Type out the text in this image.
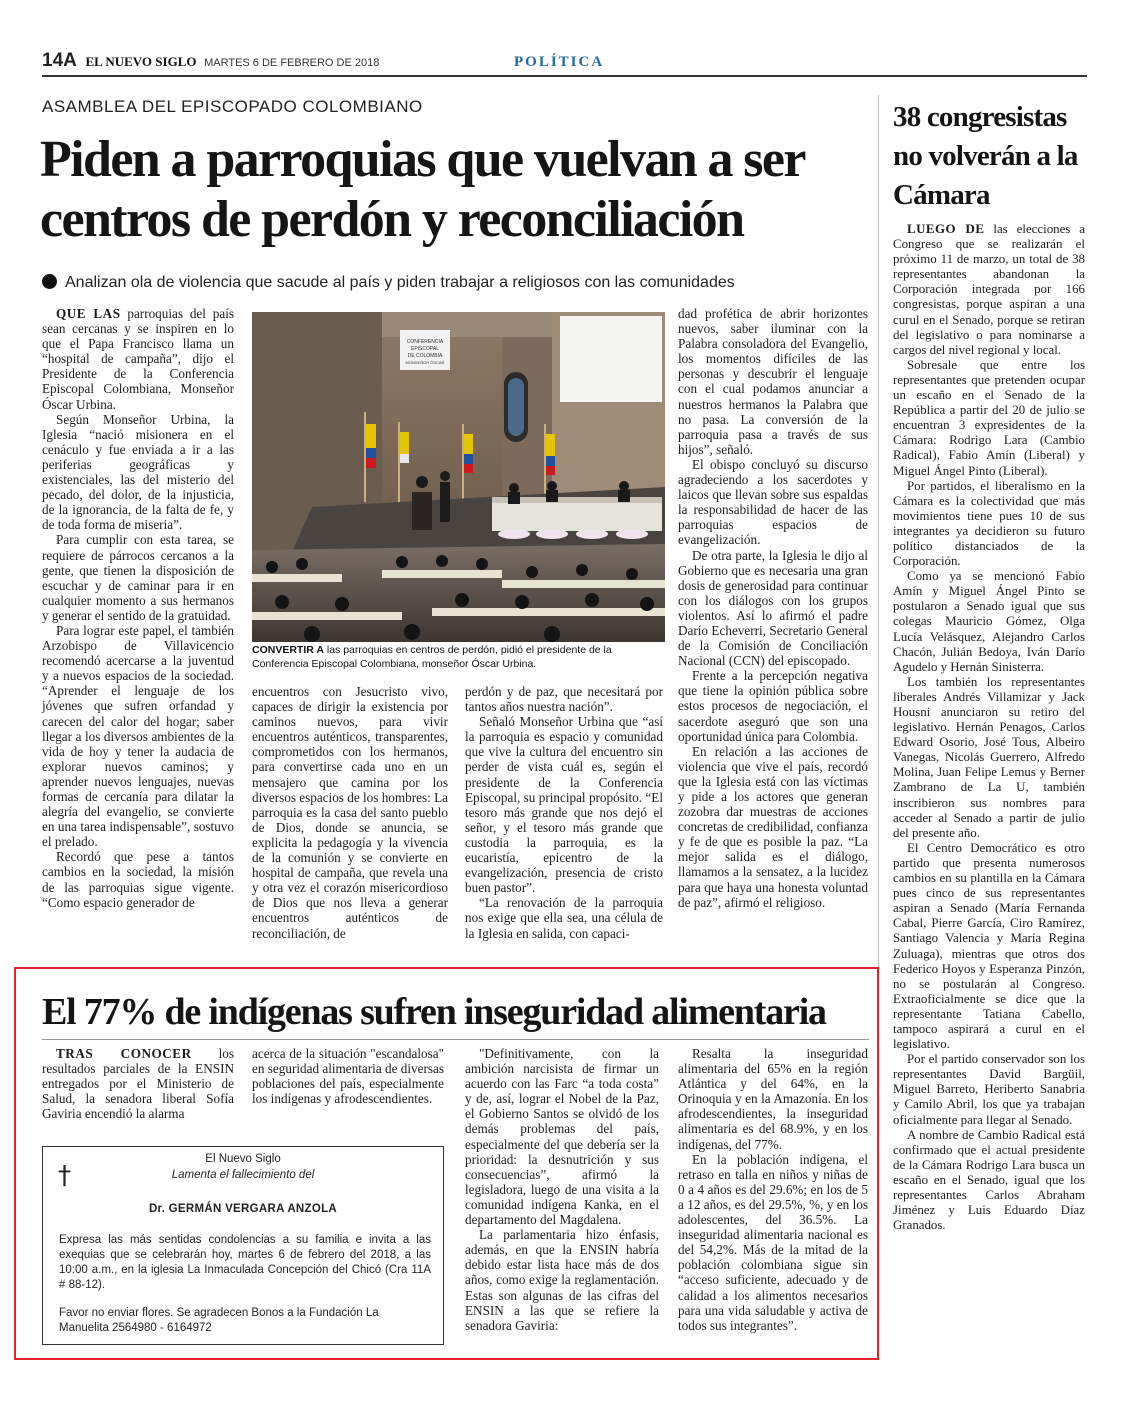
14A EL NUEVO SIGLO MARTES 6 DE FEBRERO DE 2018	POLÍTICA
ASAMBLEA DEL EPISCOPADO COLOMBIANO
Piden a parroquias que vuelvan a ser centros de perdón y reconciliación
Analizan ola de violencia que sacude al país y piden trabajar a religiosos con las comunidades

QUE LAS parroquias del país sean cercanas y se inspiren en lo que el Papa Francisco llama un “hospital de campaña”, dijo el Presidente de la Conferencia Episcopal Colombiana, Monseñor Óscar Urbina.

Según Monseñor Urbina, la Iglesia “nació misionera en el cenáculo y fue enviada a ir a las periferias geográficas y existenciales, las del misterio del pecado, del dolor, de la injusticia, de la ignorancia, de la falta de fe, y de toda forma de miseria”.

Para cumplir con esta tarea, se requiere de párrocos cercanos a la gente, que tienen la disposición de escuchar y de caminar para ir en cualquier momento a sus hermanos y generar el sentido de la gratuidad.

Para lograr este papel, el también Arzobispo de Villavicencio recomendó acercarse a la juventud y a nuevos espacios de la sociedad. “Aprender el lenguaje de los jóvenes que sufren orfandad y carecen del calor del hogar; saber llegar a los diversos ambientes de la vida de hoy y tener la audacia de explorar nuevos caminos; y aprender nuevos lenguajes, nuevas formas de cercanía para dilatar la alegría del evangelio, se convierte en una tarea indispensable”, sostuvo el prelado.

Recordó que pese a tantos cambios en la sociedad, la misión de las parroquias sigue vigente. “Como espacio generador de

CONFERENCIA
EPISCOPAL
DE COLOMBIA
MONSEÑOR ÓSCAR
CONVERTIR A las parroquias en centros de perdón, pidió el presidente de la Conferencia Episcopal Colombiana, monseñor Óscar Urbina.

encuentros con Jesucristo vivo, capaces de dirigir la existencia por caminos nuevos, para vivir encuentros auténticos, transparentes, comprometidos con los hermanos, para convertirse cada uno en un mensajero que camina por los diversos espacios de los hombres: La parroquia es la casa del santo pueblo de Dios, donde se anuncia, se explicita la pedagogía y la vivencia de la comunión y se convierte en hospital de campaña, que revela una y otra vez el corazón misericordioso de Dios que nos lleva a generar encuentros auténticos de reconciliación, de

perdón y de paz, que necesitará por tantos años nuestra nación”.

Señaló Monseñor Urbina que “así la parroquia es espacio y comunidad que vive la cultura del encuentro sin perder de vista cuál es, según el presidente de la Conferencia Episcopal, su principal propósito. “El tesoro más grande que nos dejó el señor, y el tesoro más grande que custodia la parroquia, es la eucaristía, epicentro de la evangelización, presencia de cristo buen pastor”.

“La renovación de la parroquia nos exige que ella sea, una célula de la Iglesia en salida, con capaci-

dad profética de abrir horizontes nuevos, saber iluminar con la Palabra consoladora del Evangelio, los momentos difíciles de las personas y descubrir el lenguaje con el cual podamos anunciar a nuestros hermanos la Palabra que no pasa. La conversión de la parroquia pasa a través de sus hijos”, señaló.

El obispo concluyó su discurso agradeciendo a los sacerdotes y laicos que llevan sobre sus espaldas la responsabilidad de hacer de las parroquias espacios de evangelización.

De otra parte, la Iglesia le dijo al Gobierno que es necesaria una gran dosis de generosidad para continuar con los diálogos con los grupos violentos. Así lo afirmó el padre Darío Echeverri, Secretario General de la Comisión de Conciliación Nacional (CCN) del episcopado.

Frente a la percepción negativa que tiene la opinión pública sobre estos procesos de negociación, el sacerdote aseguró que son una oportunidad única para Colombia.

En relación a las acciones de violencia que vive el país, recordó que la Iglesia está con las víctimas y pide a los actores que generan zozobra dar muestras de acciones concretas de credibilidad, confianza y fe de que es posible la paz. “La mejor salida es el diálogo, llamamos a la sensatez, a la lucidez para que haya una honesta voluntad de paz”, afirmó el religioso.

38 congresistas no volverán a la Cámara

LUEGO DE las elecciones a Congreso que se realizarán el próximo 11 de marzo, un total de 38 representantes abandonan la Corporación integrada por 166 congresistas, porque aspiran a una curul en el Senado, porque se retiran del legislativo o para nominarse a cargos del nivel regional y local.

Sobresale que entre los representantes que pretenden ocupar un escaño en el Senado de la República a partir del 20 de julio se encuentran 3 expresidentes de la Cámara: Rodrigo Lara (Cambio Radical), Fabio Amín (Liberal) y Miguel Ángel Pinto (Liberal).

Por partidos, el liberalismo en la Cámara es la colectividad que más movimientos tiene pues 10 de sus integrantes ya decidieron su futuro político distanciados de la Corporación.

Como ya se mencionó Fabio Amín y Miguel Ángel Pinto se postularon a Senado igual que sus colegas Mauricio Gómez, Olga Lucía Velásquez, Alejandro Carlos Chacón, Julián Bedoya, Iván Darío Agudelo y Hernán Sinisterra.

Los también los representantes liberales Andrés Villamizar y Jack Housni anunciaron su retiro del legislativo. Hernán Penagos, Carlos Edward Osorio, José Tous, Albeiro Vanegas, Nicolás Guerrero, Alfredo Molina, Juan Felipe Lemus y Berner Zambrano de La U, también inscribieron sus nombres para acceder al Senado a partir de julio del presente año.

El Centro Democrático es otro partido que presenta numerosos cambios en su plantilla en la Cámara pues cinco de sus representantes aspiran a Senado (María Fernanda Cabal, Pierre García, Ciro Ramírez, Santiago Valencia y María Regina Zuluaga), mientras que otros dos Federico Hoyos y Esperanza Pinzón, no se postularán al Congreso. Extraoficialmente se dice que la representante Tatiana Cabello, tampoco aspirará a curul en el legislativo.

Por el partido conservador son los representantes David Bargüil, Miguel Barreto, Heriberto Sanabria y Camilo Abril, los que ya trabajan oficialmente para llegar al Senado.

A nombre de Cambio Radical está confirmado que el actual presidente de la Cámara Rodrigo Lara busca un escaño en el Senado, igual que los representantes Carlos Abraham Jiménez y Luis Eduardo Díaz Granados.

El 77% de indígenas sufren inseguridad alimentaria

TRAS CONOCER los resultados parciales de la ENSIN entregados por el Ministerio de Salud, la senadora liberal Sofía Gaviria encendió la alarma

acerca de la situación "escandalosa" en seguridad alimentaria de diversas poblaciones del país, especialmente los indígenas y afrodescendientes.

"Definitivamente, con la ambición narcisista de firmar un acuerdo con las Farc “a toda costa” y de, así, lograr el Nobel de la Paz, el Gobierno Santos se olvidó de los demás problemas del país, especialmente del que debería ser la prioridad: la desnutrición y sus consecuencias”, afirmó la legisladora, luego de una visita a la comunidad indígena Kanka, en el departamento del Magdalena.

La parlamentaria hizo énfasis, además, en que la ENSIN habría debido estar lista hace más de dos años, como exige la reglamentación. Estas son algunas de las cifras del ENSIN a las que se refiere la senadora Gaviria:

Resalta la inseguridad alimentaria del 65% en la región Atlántica y del 64%, en la Orinoquia y en la Amazonía. En los afrodescendientes, la inseguridad alimentaria es del 68.9%, y en los indígenas, del 77%.

En la población indígena, el retraso en talla en niños y niñas de 0 a 4 años es del 29.6%; en los de 5 a 12 años, es del 29.5%, %, y en los adolescentes, del 36.5%. La inseguridad alimentaria nacional es del 54,2%. Más de la mitad de la población colombiana sigue sin “acceso suficiente, adecuado y de calidad a los alimentos necesarios para una vida saludable y activa de todos sus integrantes”.

†
El Nuevo Siglo
Lamenta el fallecimiento del
Dr. GERMÁN VERGARA ANZOLA
Expresa las más sentidas condolencias a su familia e invita a las exequias que se celebrarán hoy, martes 6 de febrero del 2018, a las 10:00 a.m., en la iglesia La Inmaculada Concepción del Chicó (Cra 11A # 88-12).
Favor no enviar flores. Se agradecen Bonos a la Fundación La Manuelita 2564980 - 6164972
